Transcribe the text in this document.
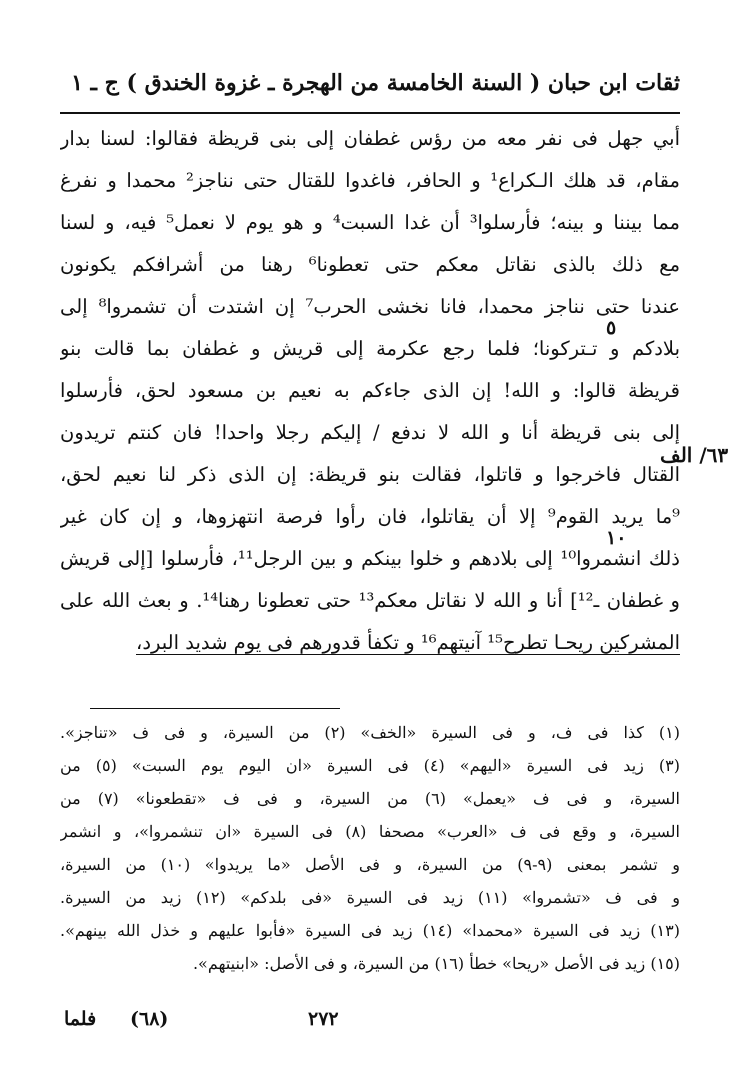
ثقات ابن حبان ( السنة الخامسة من الهجرة ـ غزوة الخندق ) ج ـ ١
أبي جهل فى نفر معه من رؤس غطفان إلى بنى قريظة فقالوا: لسنا بدار
مقام، قد هلك الـكراع¹ و الحافر، فاغدوا للقتال حتى نناجز² محمدا و نفرغ
مما بيننا و بينه؛ فأرسلوا³ أن غدا السبت⁴ و هو يوم لا نعمل⁵ فيه، و لسنا
مع ذلك بالذى نقاتل معكم حتى تعطونا⁶ رهنا من أشرافكم يكونون
عندنا حتى نناجز محمدا، فانا نخشى الحرب⁷ إن اشتدت أن تشمروا⁸ إلى
بلادكم و تـتركونا؛ فلما رجع عكرمة إلى قريش و غطفان بما قالت بنو
قريظة قالوا: و الله! إن الذى جاءكم به نعيم بن مسعود لحق، فأرسلوا
إلى بنى قريظة أنا و الله لا ندفع / إليكم رجلا واحدا! فان كنتم تريدون
القتال فاخرجوا و قاتلوا، فقالت بنو قريظة: إن الذى ذكر لنا نعيم لحق،
⁹ما يريد القوم⁹ إلا أن يقاتلوا، فان رأوا فرصة انتهزوها، و إن كان غير
ذلك انشمروا¹⁰ إلى بلادهم و خلوا بينكم و بين الرجل¹¹، فأرسلوا [إلى قريش
و غطفان ـ¹²] أنا و الله لا نقاتل معكم¹³ حتى تعطونا رهنا¹⁴. و بعث الله على
المشركين ريحـا تطرح¹⁵ آنيتهم¹⁶ و تكفأ قدورهم فى يوم شديد البرد،
٥
١٠
٦٣/ الف
(١) كذا فى ف، و فى السيرة «الخف» (٢) من السيرة، و فى ف «تناجز».
(٣) زيد فى السيرة «اليهم» (٤) فى السيرة «ان اليوم يوم السبت» (٥) من
السيرة، و فى ف «يعمل» (٦) من السيرة، و فى ف «تقطعونا» (٧) من
السيرة، و وقع فى ف «العرب» مصحفا (٨) فى السيرة «ان تنشمروا»، و انشمر
و تشمر بمعنى (٩-٩) من السيرة، و فى الأصل «ما يريدوا» (١٠) من السيرة،
و فى ف «تشمروا» (١١) زيد فى السيرة «فى بلدكم» (١٢) زيد من السيرة.
(١٣) زيد فى السيرة «محمدا» (١٤) زيد فى السيرة «فأبوا عليهم و خذل الله بينهم».
(١٥) زيد فى الأصل «ريحا» خطأ (١٦) من السيرة، و فى الأصل: «ابنيتهم».
٢٧٢
(٦٨)
فلما
